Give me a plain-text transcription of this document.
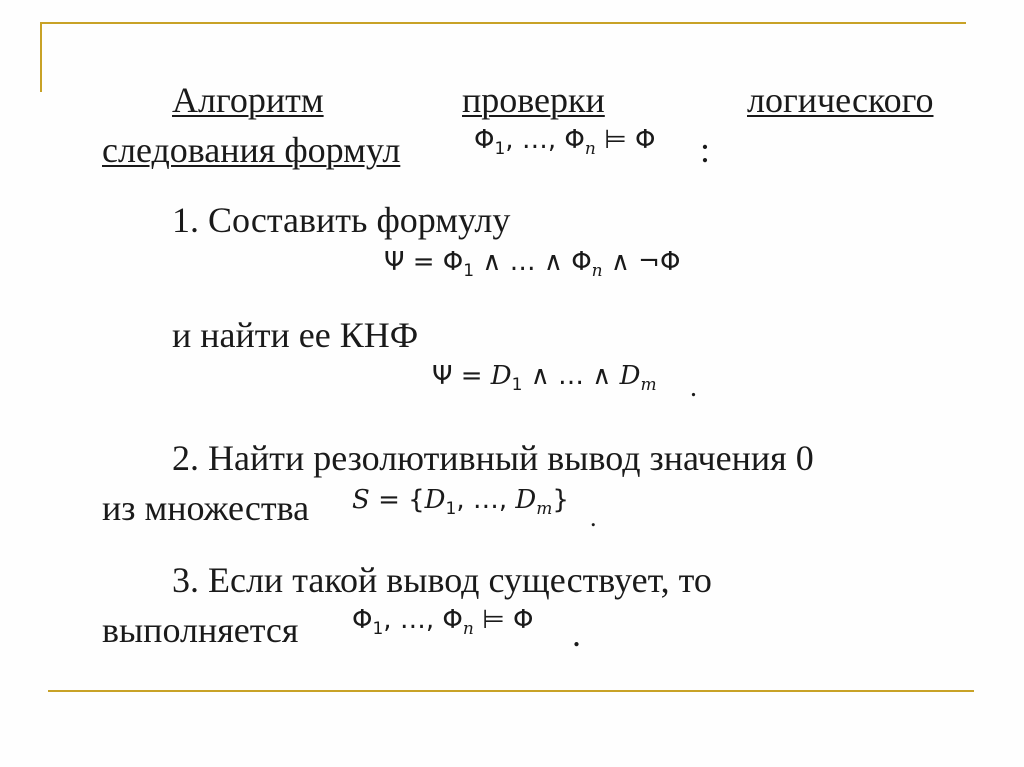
Алгоритм	проверки	логического
следования формул	$\Phi_1$, …, $\Phi_n$ ⊨ Φ :
1. Составить формулу
$\Psi = \Phi_1$ ∧ … ∧ $\Phi_n$ ∧ ¬Φ
и найти ее КНФ
$\Psi = D_1$ ∧ … ∧ $D_m$ .
2. Найти резолютивный вывод значения 0
из множества $S = \{D_1$, …, $D_m$}
.
3. Если такой вывод существует, то
выполняется $\Phi_1$, …, $\Phi_n$ ⊨ Φ .
